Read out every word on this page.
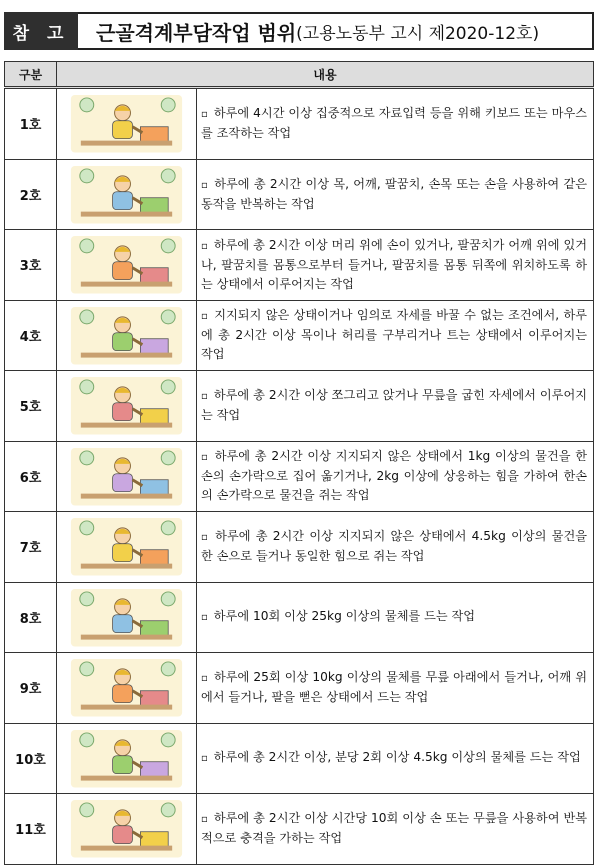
참 고	근골격계부담작업 범위 (고용노동부 고시 제2020-12호)
구분	내용	
1호		▫ 하루에 4시간 이상 집중적으로 자료입력 등을 위해 키보드 또는 마우스를 조작하는 작업
2호		▫ 하루에 총 2시간 이상 목, 어깨, 팔꿈치, 손목 또는 손을 사용하여 같은 동작을 반복하는 작업
3호		▫ 하루에 총 2시간 이상 머리 위에 손이 있거나, 팔꿈치가 어깨 위에 있거나, 팔꿈치를 몸통으로부터 들거나, 팔꿈치를 몸통 뒤쪽에 위치하도록 하는 상태에서 이루어지는 작업
4호		▫ 지지되지 않은 상태이거나 임의로 자세를 바꿀 수 없는 조건에서, 하루에 총 2시간 이상 목이나 허리를 구부리거나 트는 상태에서 이루어지는 작업
5호		▫ 하루에 총 2시간 이상 쪼그리고 앉거나 무릎을 굽힌 자세에서 이루어지는 작업
6호		▫ 하루에 총 2시간 이상 지지되지 않은 상태에서 1kg 이상의 물건을 한손의 손가락으로 집어 옮기거나, 2kg 이상에 상응하는 힘을 가하여 한손의 손가락으로 물건을 쥐는 작업
7호		▫ 하루에 총 2시간 이상 지지되지 않은 상태에서 4.5kg 이상의 물건을 한 손으로 들거나 동일한 힘으로 쥐는 작업
8호		▫ 하루에 10회 이상 25kg 이상의 물체를 드는 작업
9호		▫ 하루에 25회 이상 10kg 이상의 물체를 무릎 아래에서 들거나, 어깨 위에서 들거나, 팔을 뻗은 상태에서 드는 작업
10호		▫ 하루에 총 2시간 이상, 분당 2회 이상 4.5kg 이상의 물체를 드는 작업
11호		▫ 하루에 총 2시간 이상 시간당 10회 이상 손 또는 무릎을 사용하여 반복적으로 충격을 가하는 작업
